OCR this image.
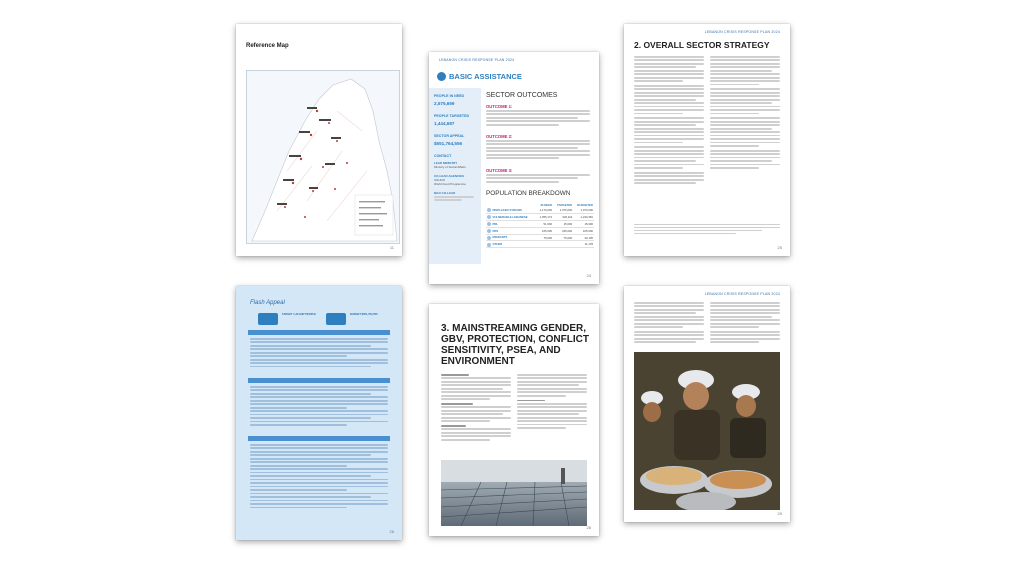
Reference Map
11
LEBANON CRISIS RESPONSE PLAN 2024
BASIC ASSISTANCE
PEOPLE IN NEED
2,575,659
PEOPLE TARGETED
1,444,687
SECTOR APPEAL
$551,764,556
CONTACT
LEAD MINISTRY
Ministry of Social Affairs
CO-LEAD AGENCIES
UNHCR
World Food Programme
NGO CO-LEAD
SECTOR OUTCOMES
OUTCOME 1:
OUTCOME 2:
OUTCOME 3:
POPULATION BREAKDOWN
	IN NEED	TARGETED	BUDGETED
DISPLACED SYRIANS	1,170,000	1,070,000	1,070,000
VULNERABLE LEBANESE	1,355,174	329,119	1,240,381
PRL	51,000	15,000	15,000
PRS	165,000	165,000	165,000
MIGRANTS	75,000	75,000	33,105
OTHER			11,178
24
LEBANON CRISIS RESPONSE PLAN 2024
2. OVERALL SECTOR STRATEGY
25
Flash Appeal
TARGET 1,444,687 PEOPLE	BUDGET $551,764,556
26
3. MAINSTREAMING GENDER,
GBV, PROTECTION, CONFLICT
SENSITIVITY, PSEA, AND
ENVIRONMENT
28
LEBANON CRISIS RESPONSE PLAN 2024
29
